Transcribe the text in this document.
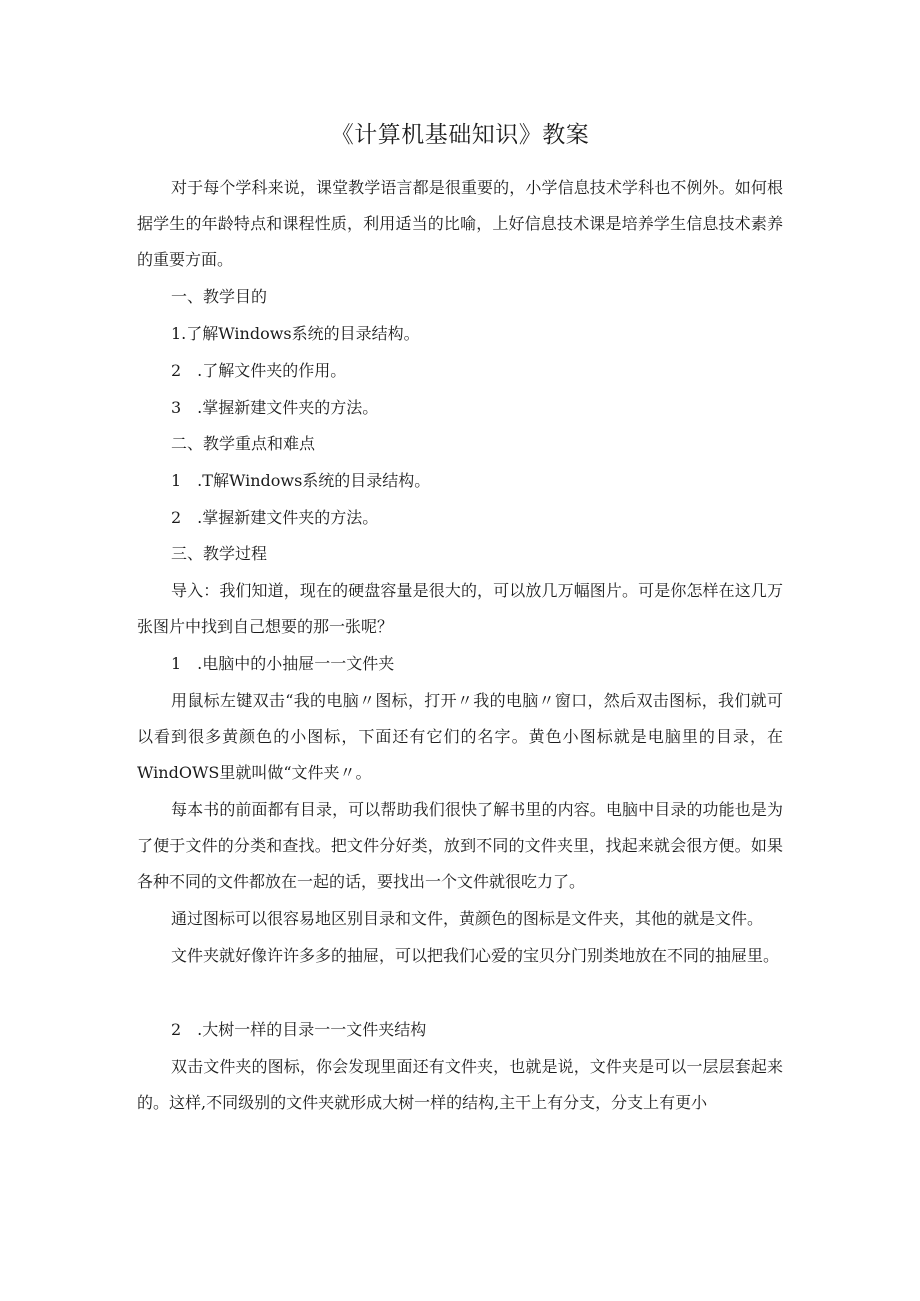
《计算机基础知识》教案

对于每个学科来说，课堂教学语言都是很重要的，小学信息技术学科也不例外。如何根据学生的年龄特点和课程性质，利用适当的比喻，上好信息技术课是培养学生信息技术素养的重要方面。

一、教学目的

1.了解Windows系统的目录结构。

2　.了解文件夹的作用。

3　.掌握新建文件夹的方法。

二、教学重点和难点

1　.T解Windows系统的目录结构。

2　.掌握新建文件夹的方法。

三、教学过程

导入：我们知道，现在的硬盘容量是很大的，可以放几万幅图片。可是你怎样在这几万张图片中找到自己想要的那一张呢？

1　.电脑中的小抽屉一一文件夹

用鼠标左键双击“我的电脑〃图标，打开〃我的电脑〃窗口，然后双击图标，我们就可以看到很多黄颜色的小图标，下面还有它们的名字。黄色小图标就是电脑里的目录，在WindOWS里就叫做“文件夹〃。

每本书的前面都有目录，可以帮助我们很快了解书里的内容。电脑中目录的功能也是为了便于文件的分类和查找。把文件分好类，放到不同的文件夹里，找起来就会很方便。如果各种不同的文件都放在一起的话，要找出一个文件就很吃力了。

通过图标可以很容易地区别目录和文件，黄颜色的图标是文件夹，其他的就是文件。

文件夹就好像许许多多的抽屉，可以把我们心爱的宝贝分门别类地放在不同的抽屉里。

2　.大树一样的目录一一文件夹结构

双击文件夹的图标，你会发现里面还有文件夹，也就是说，文件夹是可以一层层套起来的。这样,不同级别的文件夹就形成大树一样的结构,主干上有分支，分支上有更小
